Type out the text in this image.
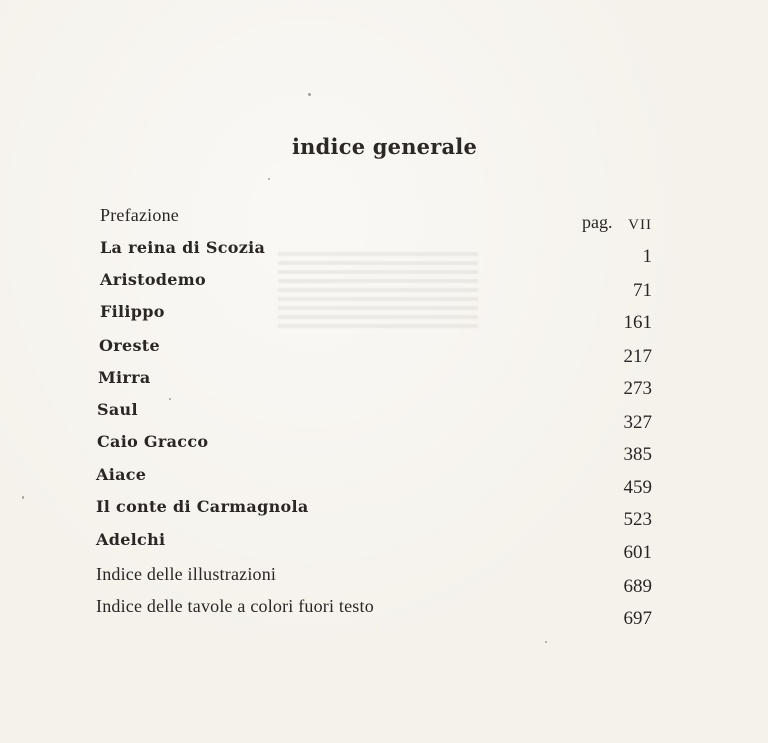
indice generale
Prefazione	VII
La reina di Scozia	1
Aristodemo
71
Filippo
161
Oreste
217
Mirra
273
Saul
327
Caio Gracco
385
Aiace
459
Il conte di Carmagnola
523
Adelchi
601
Indice delle illustrazioni
689
Indice delle tavole a colori fuori testo
697
pag.
